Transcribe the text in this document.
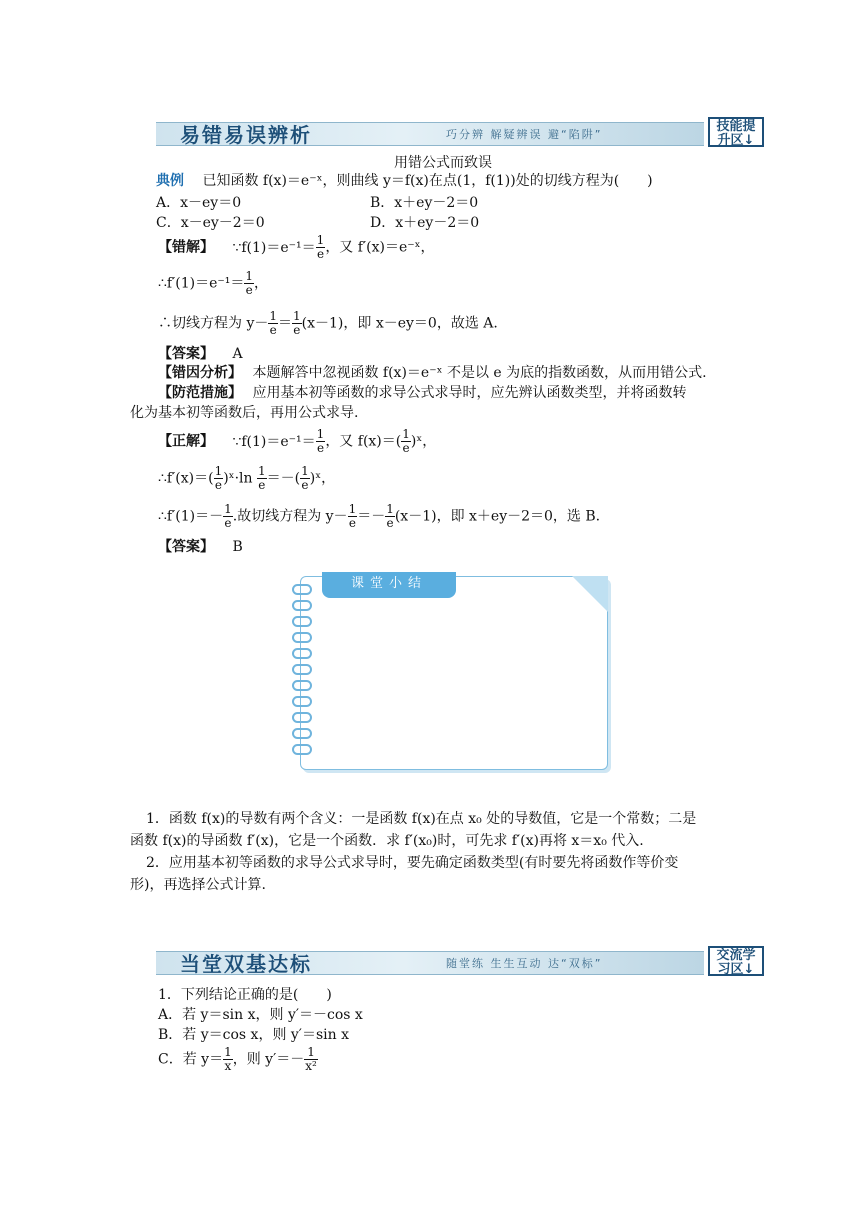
易错易误辨析	巧分辨 解疑辨误 避“陷阱”
技能提
升区↓
用错公式而致误
典例 已知函数 f(x)＝e⁻ˣ，则曲线 y＝f(x)在点(1，f(1))处的切线方程为(　　)
A．x－ey＝0	B．x＋ey－2＝0
C．x－ey－2＝0	D．x＋ey－2＝0
【错解】 ∵f(1)＝e⁻¹＝ $\frac{1}{e}$ ，又 f′(x)＝e⁻ˣ，
∴f′(1)＝e⁻¹＝ $\frac{1}{e}$ ，
∴切线方程为 $y- \frac{1}{e} = \frac{1}{e} (x-1)$，即 x－ey＝0，故选 A.
【答案】 A
【错因分析】 本题解答中忽视函数 f(x)＝e⁻ˣ 不是以 e 为底的指数函数，从而用错公式.
【防范措施】 应用基本初等函数的求导公式求导时，应先辨认函数类型，并将函数转
化为基本初等函数后，再用公式求导.
【正解】 ∵f(1)＝e⁻¹＝ $\frac{1}{e}$ ，又 $f(x)=( \frac{1}{e}$ )ˣ，
∴f′(x)＝( $\frac{1}{e}$ )ˣ·ln $\frac{1}{e}$ ＝－( $\frac{1}{e}$ )ˣ，
∴f′(1)＝－ $\frac{1}{e}$ .故切线方程为 $y- \frac{1}{e} =- \frac{1}{e} (x-1)$，即 x＋ey－2＝0，选 B.
【答案】 B
课堂小结
1．函数 f(x)的导数有两个含义：一是函数 f(x)在点 x₀ 处的导数值，它是一个常数；二是
函数 f(x)的导函数 f′(x)，它是一个函数．求 f′(x₀)时，可先求 f′(x)再将 x＝x₀ 代入.
2．应用基本初等函数的求导公式求导时，要先确定函数类型(有时要先将函数作等价变
形)，再选择公式计算.
当堂双基达标	随堂练 生生互动 达“双标”
交流学
习区↓
1．下列结论正确的是(　　)
A．若 y＝sin x，则 y′＝－cos x
B．若 y＝cos x，则 y′＝sin x
C．若 $y= \frac{1}{x}$ ，则 $y'=- \frac{1}{\text{x²}}$
